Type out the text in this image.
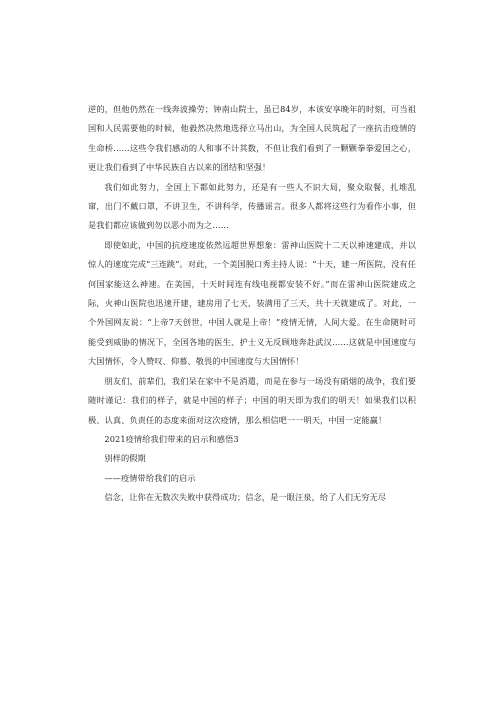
逆的，但他仍然在一线奔波操劳；钟南山院士，虽已84岁，本该安享晚年的时刻，可当祖国和人民需要他的时候，他毅然决然地选择立马出山，为全国人民筑起了一座抗击疫情的生命桥……这些令我们感动的人和事不计其数，不但让我们看到了一颗颗拳拳爱国之心，更让我们看到了中华民族自古以来的团结和坚强！

我们如此努力，全国上下都如此努力，还是有一些人不识大局，聚众取餐，扎堆乱窜，出门不戴口罩，不讲卫生，不讲科学，传播谣言。很多人都将这些行为看作小事，但是我们都应该做到勿以恶小而为之……

即使如此，中国的抗疫速度依然远超世界想象：雷神山医院十二天以神速建成，并以惊人的速度完成“三连跳”。对此，一个美国脱口秀主持人说：“十天，建一所医院，没有任何国家能这么神速。在美国，十天时间连有线电视都安装不好。”而在雷神山医院建成之际，火神山医院也迅速开建，建房用了七天，装满用了三天，共十天就建成了。对此，一个外国网友说：“上帝7天创世，中国人就是上帝！”疫情无情，人间大爱。在生命随时可能受到威胁的情况下，全国各地的医生、护士义无反顾地奔赴武汉……这就是中国速度与大国情怀，令人赞叹、仰慕、敬畏的中国速度与大国情怀！

朋友们，前辈们，我们呆在家中不是消遣，而是在参与一场没有硝烟的战争，我们要随时谨记：我们的样子，就是中国的样子；中国的明天即为我们的明天！如果我们以积极、认真、负责任的态度来面对这次疫情，那么相信吧一一明天，中国一定能赢！

2021疫情给我们带来的启示和感悟3

别样的假期

——疫情带给我们的启示

信念，让你在无数次失败中获得成功；信念，是一眼汪泉，给了人们无穷无尽
